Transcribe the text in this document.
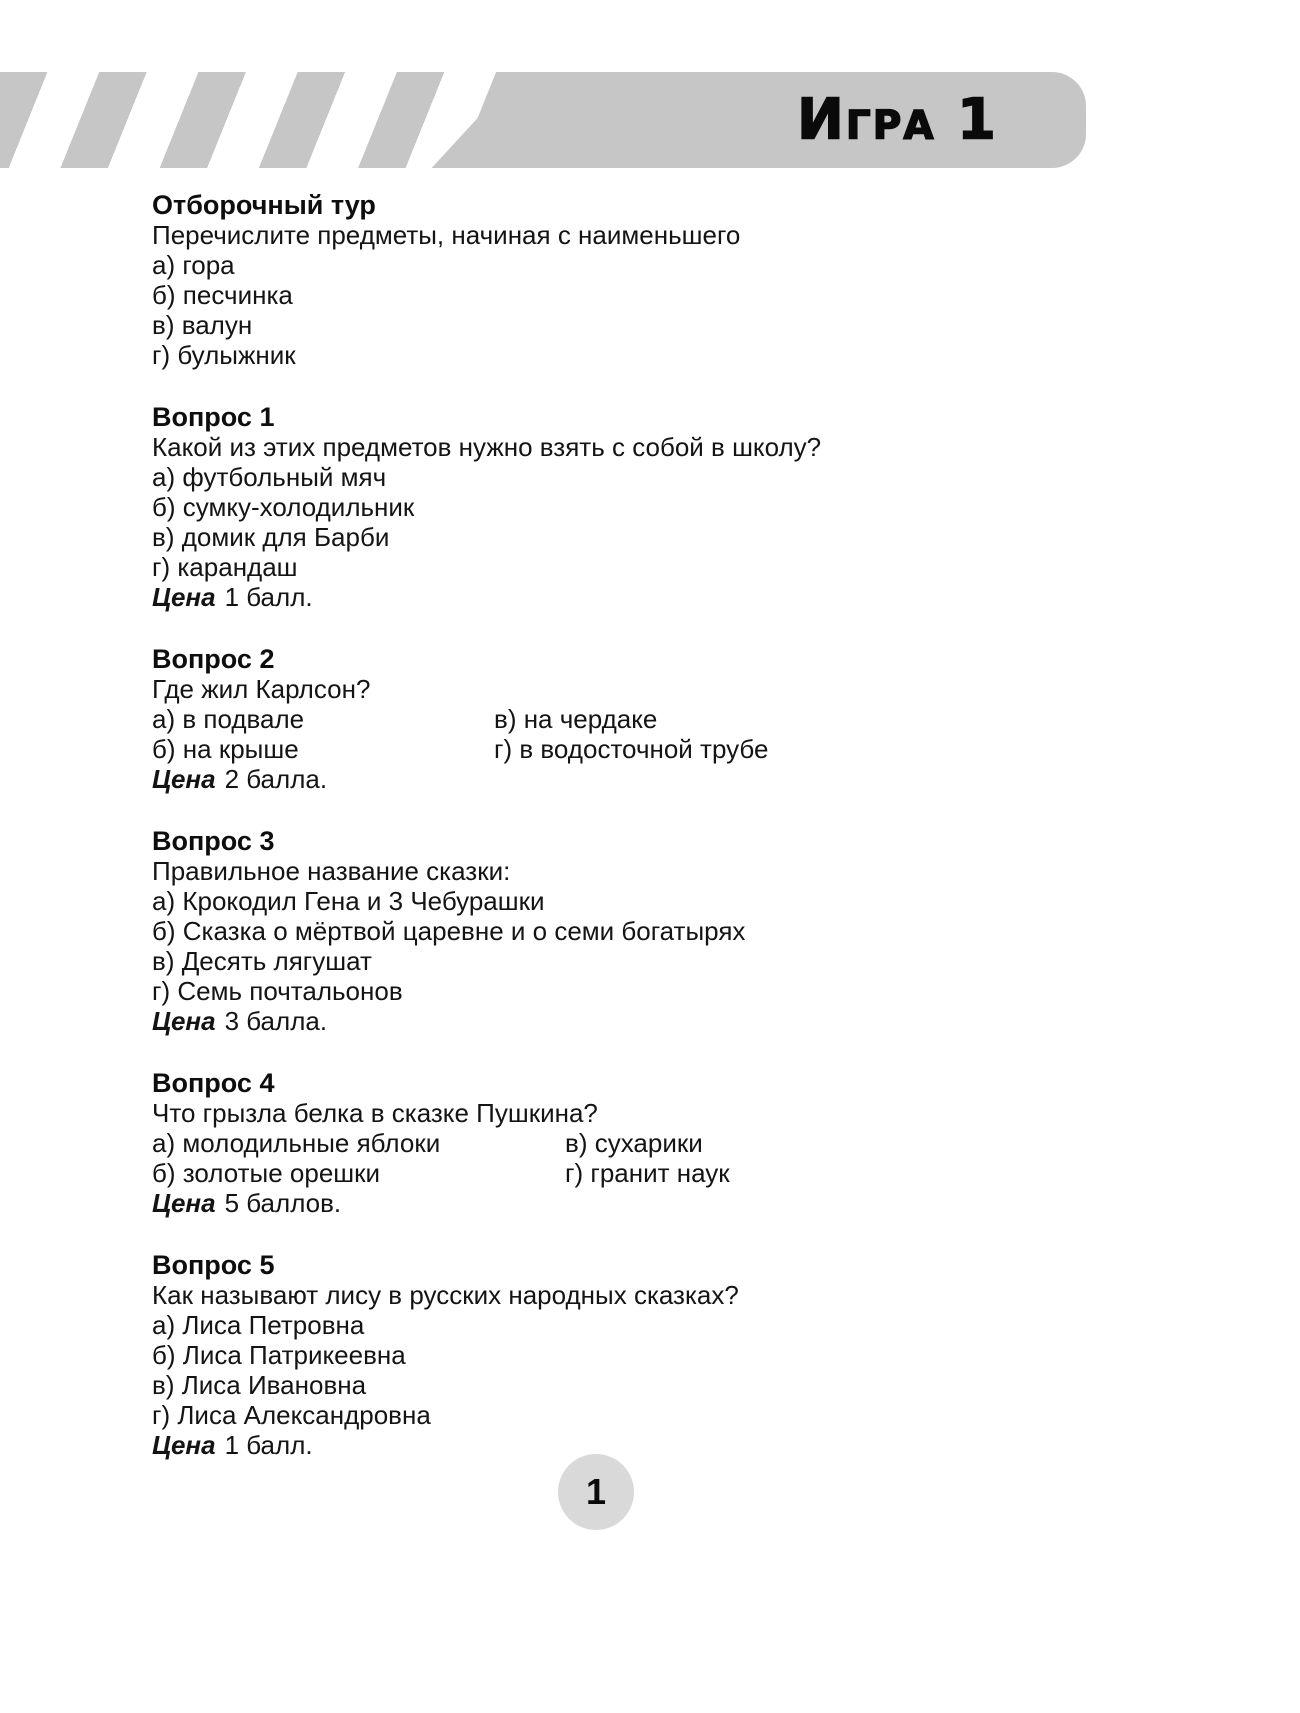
Игра 1
Отборочный тур

Перечислите предметы, начиная с наименьшего

а) гора

б) песчинка

в) валун

г) булыжник

Вопрос 1

Какой из этих предметов нужно взять с собой в школу?

а) футбольный мяч

б) сумку-холодильник

в) домик для Барби

г) карандаш

Цена 1 балл.

Вопрос 2

Где жил Карлсон?

а) в подвале	в) на чердаке

б) на крыше	г) в водосточной трубе

Цена 2 балла.

Вопрос 3

Правильное название сказки:

а) Крокодил Гена и 3 Чебурашки

б) Сказка о мёртвой царевне и о семи богатырях

в) Десять лягушат

г) Семь почтальонов

Цена 3 балла.

Вопрос 4

Что грызла белка в сказке Пушкина?

а) молодильные яблоки	в) сухарики

б) золотые орешки	г) гранит наук

Цена 5 баллов.

Вопрос 5

Как называют лису в русских народных сказках?

а) Лиса Петровна

б) Лиса Патрикеевна

в) Лиса Ивановна

г) Лиса Александровна

Цена 1 балл.

1
